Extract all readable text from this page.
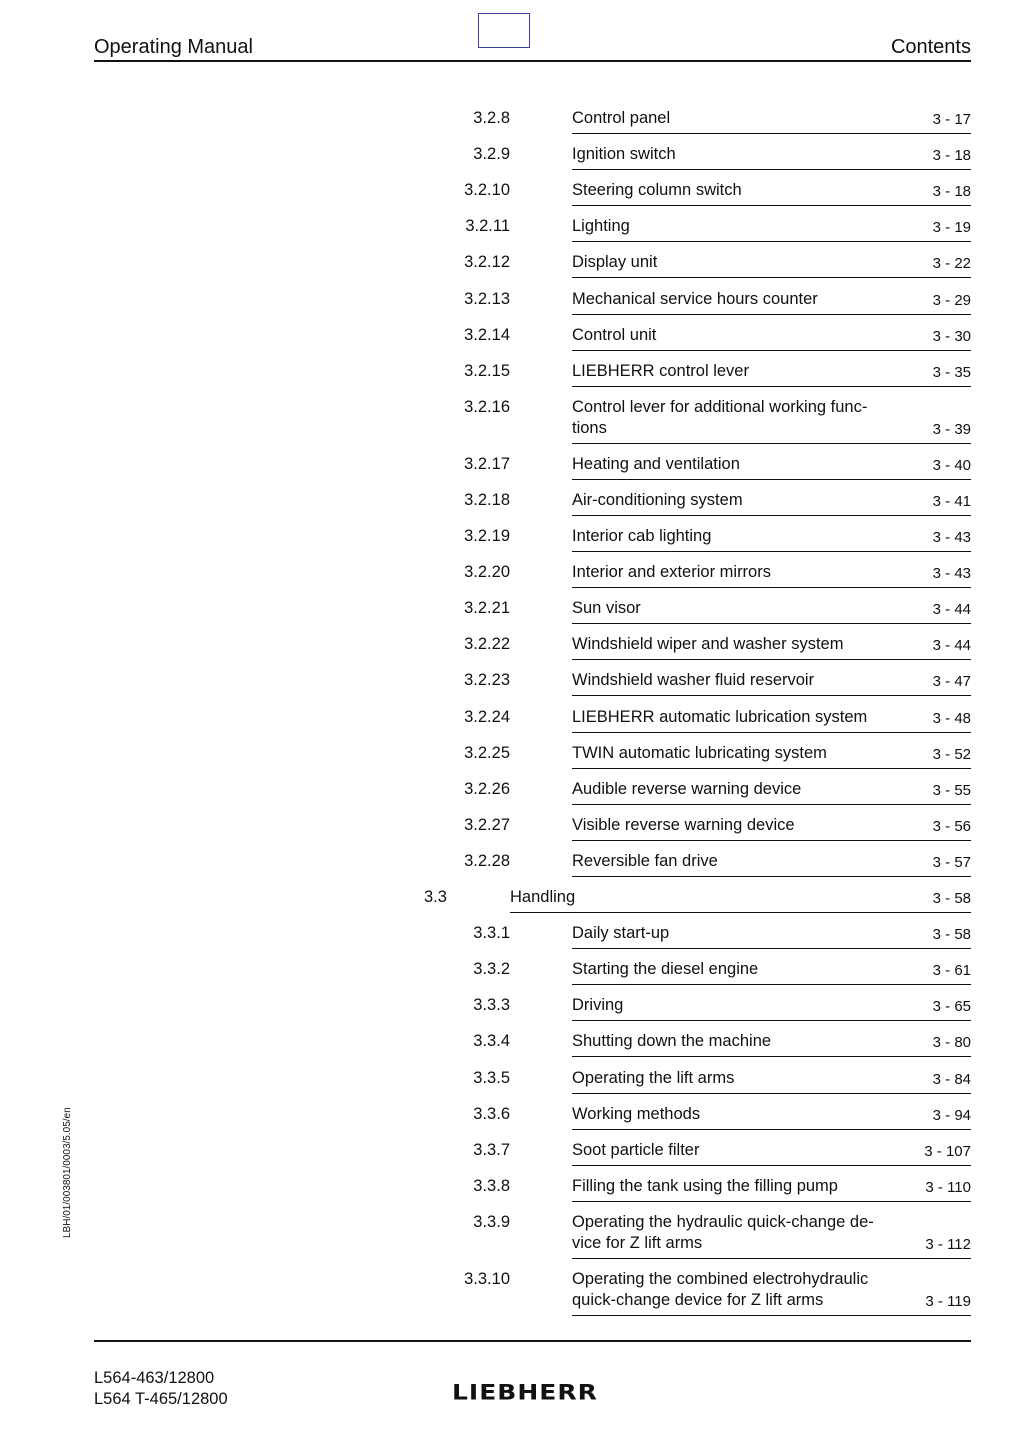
Operating Manual	Contents
3.2.8	Control panel	3 - 17
3.2.9	Ignition switch	3 - 18
3.2.10	Steering column switch	3 - 18
3.2.11	Lighting	3 - 19
3.2.12	Display unit	3 - 22
3.2.13	Mechanical service hours counter	3 - 29
3.2.14	Control unit	3 - 30
3.2.15	LIEBHERR control lever	3 - 35
3.2.16	Control lever for additional working func-
tions	3 - 39
3.2.17	Heating and ventilation	3 - 40
3.2.18	Air-conditioning system	3 - 41
3.2.19	Interior cab lighting	3 - 43
3.2.20	Interior and exterior mirrors	3 - 43
3.2.21	Sun visor	3 - 44
3.2.22	Windshield wiper and washer system	3 - 44
3.2.23	Windshield washer fluid reservoir	3 - 47
3.2.24	LIEBHERR automatic lubrication system	3 - 48
3.2.25	TWIN automatic lubricating system	3 - 52
3.2.26	Audible reverse warning device	3 - 55
3.2.27	Visible reverse warning device	3 - 56
3.2.28	Reversible fan drive	3 - 57
3.3	Handling	3 - 58
3.3.1	Daily start-up	3 - 58
3.3.2	Starting the diesel engine	3 - 61
3.3.3	Driving	3 - 65
3.3.4	Shutting down the machine	3 - 80
3.3.5	Operating the lift arms	3 - 84
3.3.6	Working methods	3 - 94
3.3.7	Soot particle filter	3 - 107
3.3.8	Filling the tank using the filling pump	3 - 110
3.3.9	Operating the hydraulic quick-change de-
vice for Z lift arms	3 - 112
3.3.10	Operating the combined electrohydraulic
quick-change device for Z lift arms	3 - 119
LBH/01/003801/0003/5.05/en
L564-463/12800
L564 T-465/12800	LIEBHERR
